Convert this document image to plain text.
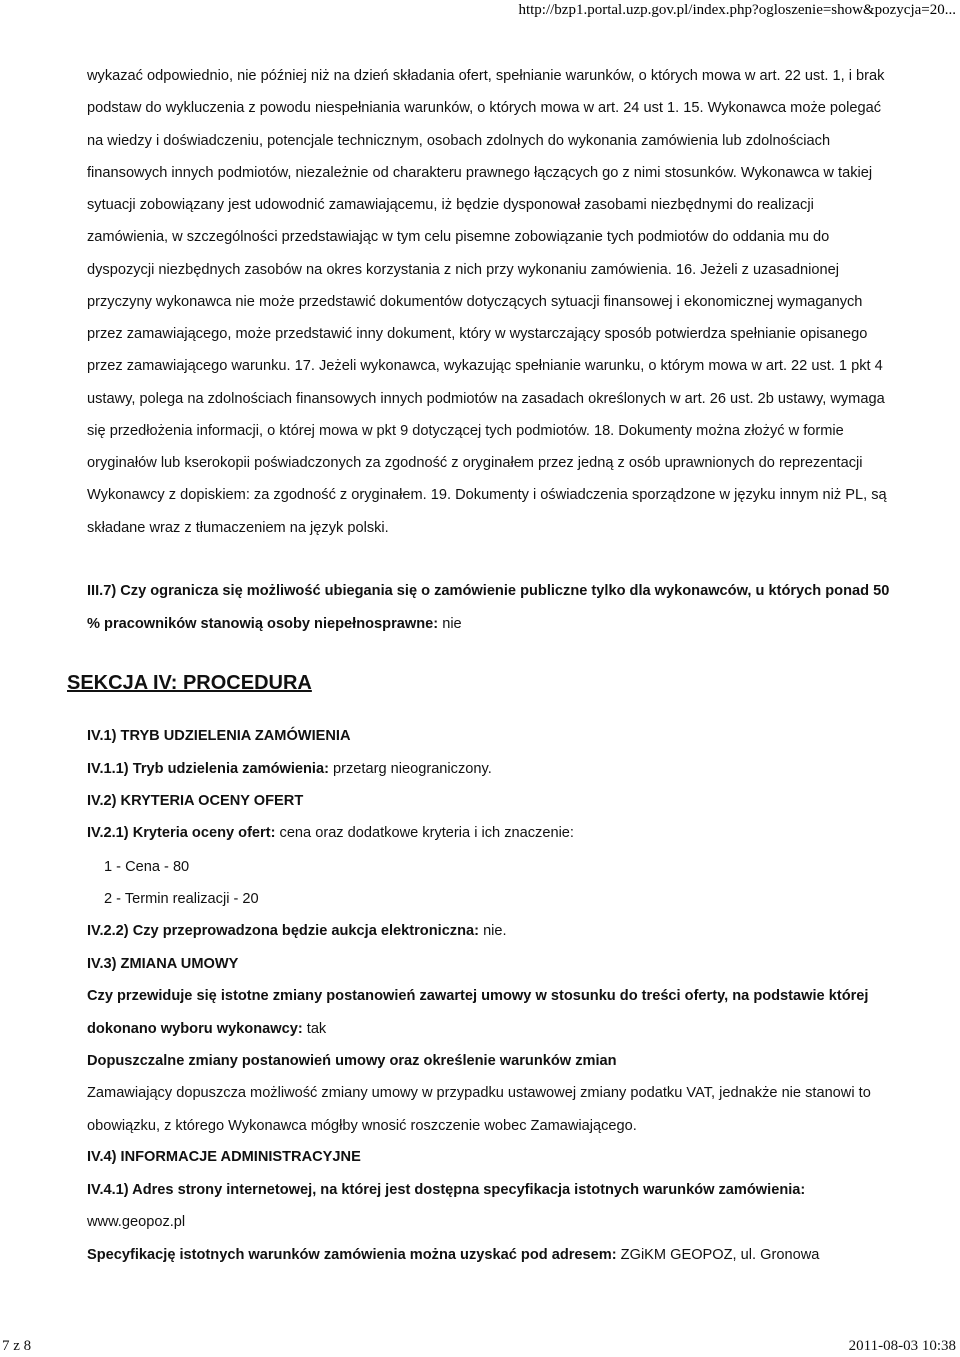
http://bzp1.portal.uzp.gov.pl/index.php?ogloszenie=show&pozycja=20...

wykazać odpowiednio, nie później niż na dzień składania ofert, spełnianie warunków, o których mowa w art. 22 ust. 1, i brak podstaw do wykluczenia z powodu niespełniania warunków, o których mowa w art. 24 ust 1. 15. Wykonawca może polegać na wiedzy i doświadczeniu, potencjale technicznym, osobach zdolnych do wykonania zamówienia lub zdolnościach finansowych innych podmiotów, niezależnie od charakteru prawnego łączących go z nimi stosunków. Wykonawca w takiej sytuacji zobowiązany jest udowodnić zamawiającemu, iż będzie dysponował zasobami niezbędnymi do realizacji zamówienia, w szczególności przedstawiając w tym celu pisemne zobowiązanie tych podmiotów do oddania mu do dyspozycji niezbędnych zasobów na okres korzystania z nich przy wykonaniu zamówienia. 16. Jeżeli z uzasadnionej przyczyny wykonawca nie może przedstawić dokumentów dotyczących sytuacji finansowej i ekonomicznej wymaganych przez zamawiającego, może przedstawić inny dokument, który w wystarczający sposób potwierdza spełnianie opisanego przez zamawiającego warunku. 17. Jeżeli wykonawca, wykazując spełnianie warunku, o którym mowa w art. 22 ust. 1 pkt 4 ustawy, polega na zdolnościach finansowych innych podmiotów na zasadach określonych w art. 26 ust. 2b ustawy, wymaga się przedłożenia informacji, o której mowa w pkt 9 dotyczącej tych podmiotów. 18. Dokumenty można złożyć w formie oryginałów lub kserokopii poświadczonych za zgodność z oryginałem przez jedną z osób uprawnionych do reprezentacji Wykonawcy z dopiskiem: za zgodność z oryginałem. 19. Dokumenty i oświadczenia sporządzone w języku innym niż PL, są składane wraz z tłumaczeniem na język polski.

III.7) Czy ogranicza się możliwość ubiegania się o zamówienie publiczne tylko dla wykonawców, u których ponad 50 % pracowników stanowią osoby niepełnosprawne: nie

SEKCJA IV: PROCEDURA
IV.1) TRYB UDZIELENIA ZAMÓWIENIA
IV.1.1) Tryb udzielenia zamówienia: przetarg nieograniczony.
IV.2) KRYTERIA OCENY OFERT
IV.2.1) Kryteria oceny ofert: cena oraz dodatkowe kryteria i ich znaczenie:
1 - Cena - 80
2 - Termin realizacji - 20
IV.2.2) Czy przeprowadzona będzie aukcja elektroniczna: nie.
IV.3) ZMIANA UMOWY

Czy przewiduje się istotne zmiany postanowień zawartej umowy w stosunku do treści oferty, na podstawie której dokonano wyboru wykonawcy: tak

Dopuszczalne zmiany postanowień umowy oraz określenie warunków zmian

Zamawiający dopuszcza możliwość zmiany umowy w przypadku ustawowej zmiany podatku VAT, jednakże nie stanowi to obowiązku, z którego Wykonawca mógłby wnosić roszczenie wobec Zamawiającego.

IV.4) INFORMACJE ADMINISTRACYJNE
IV.4.1) Adres strony internetowej, na której jest dostępna specyfikacja istotnych warunków zamówienia:
www.geopoz.pl
Specyfikację istotnych warunków zamówienia można uzyskać pod adresem: ZGiKM GEOPOZ, ul. Gronowa
7 z 8	2011-08-03 10:38
